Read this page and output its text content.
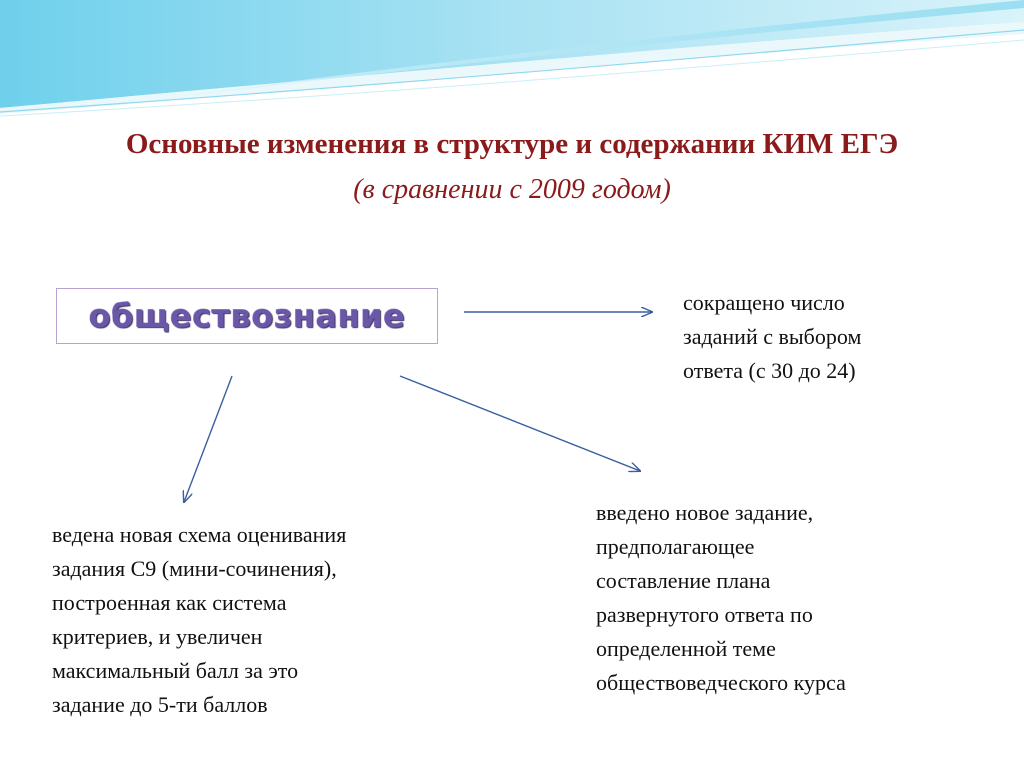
Основные изменения в структуре и содержании КИМ ЕГЭ
(в сравнении с 2009 годом)
обществознание	сокращено число
заданий с выбором
ответа (с 30 до 24)
ведена новая схема оценивания
задания С9 (мини-сочинения),
построенная как система
критериев, и увеличен
максимальный балл за это
задание до 5-ти баллов
введено новое задание,
предполагающее
составление плана
развернутого ответа по
определенной теме
обществоведческого курса
